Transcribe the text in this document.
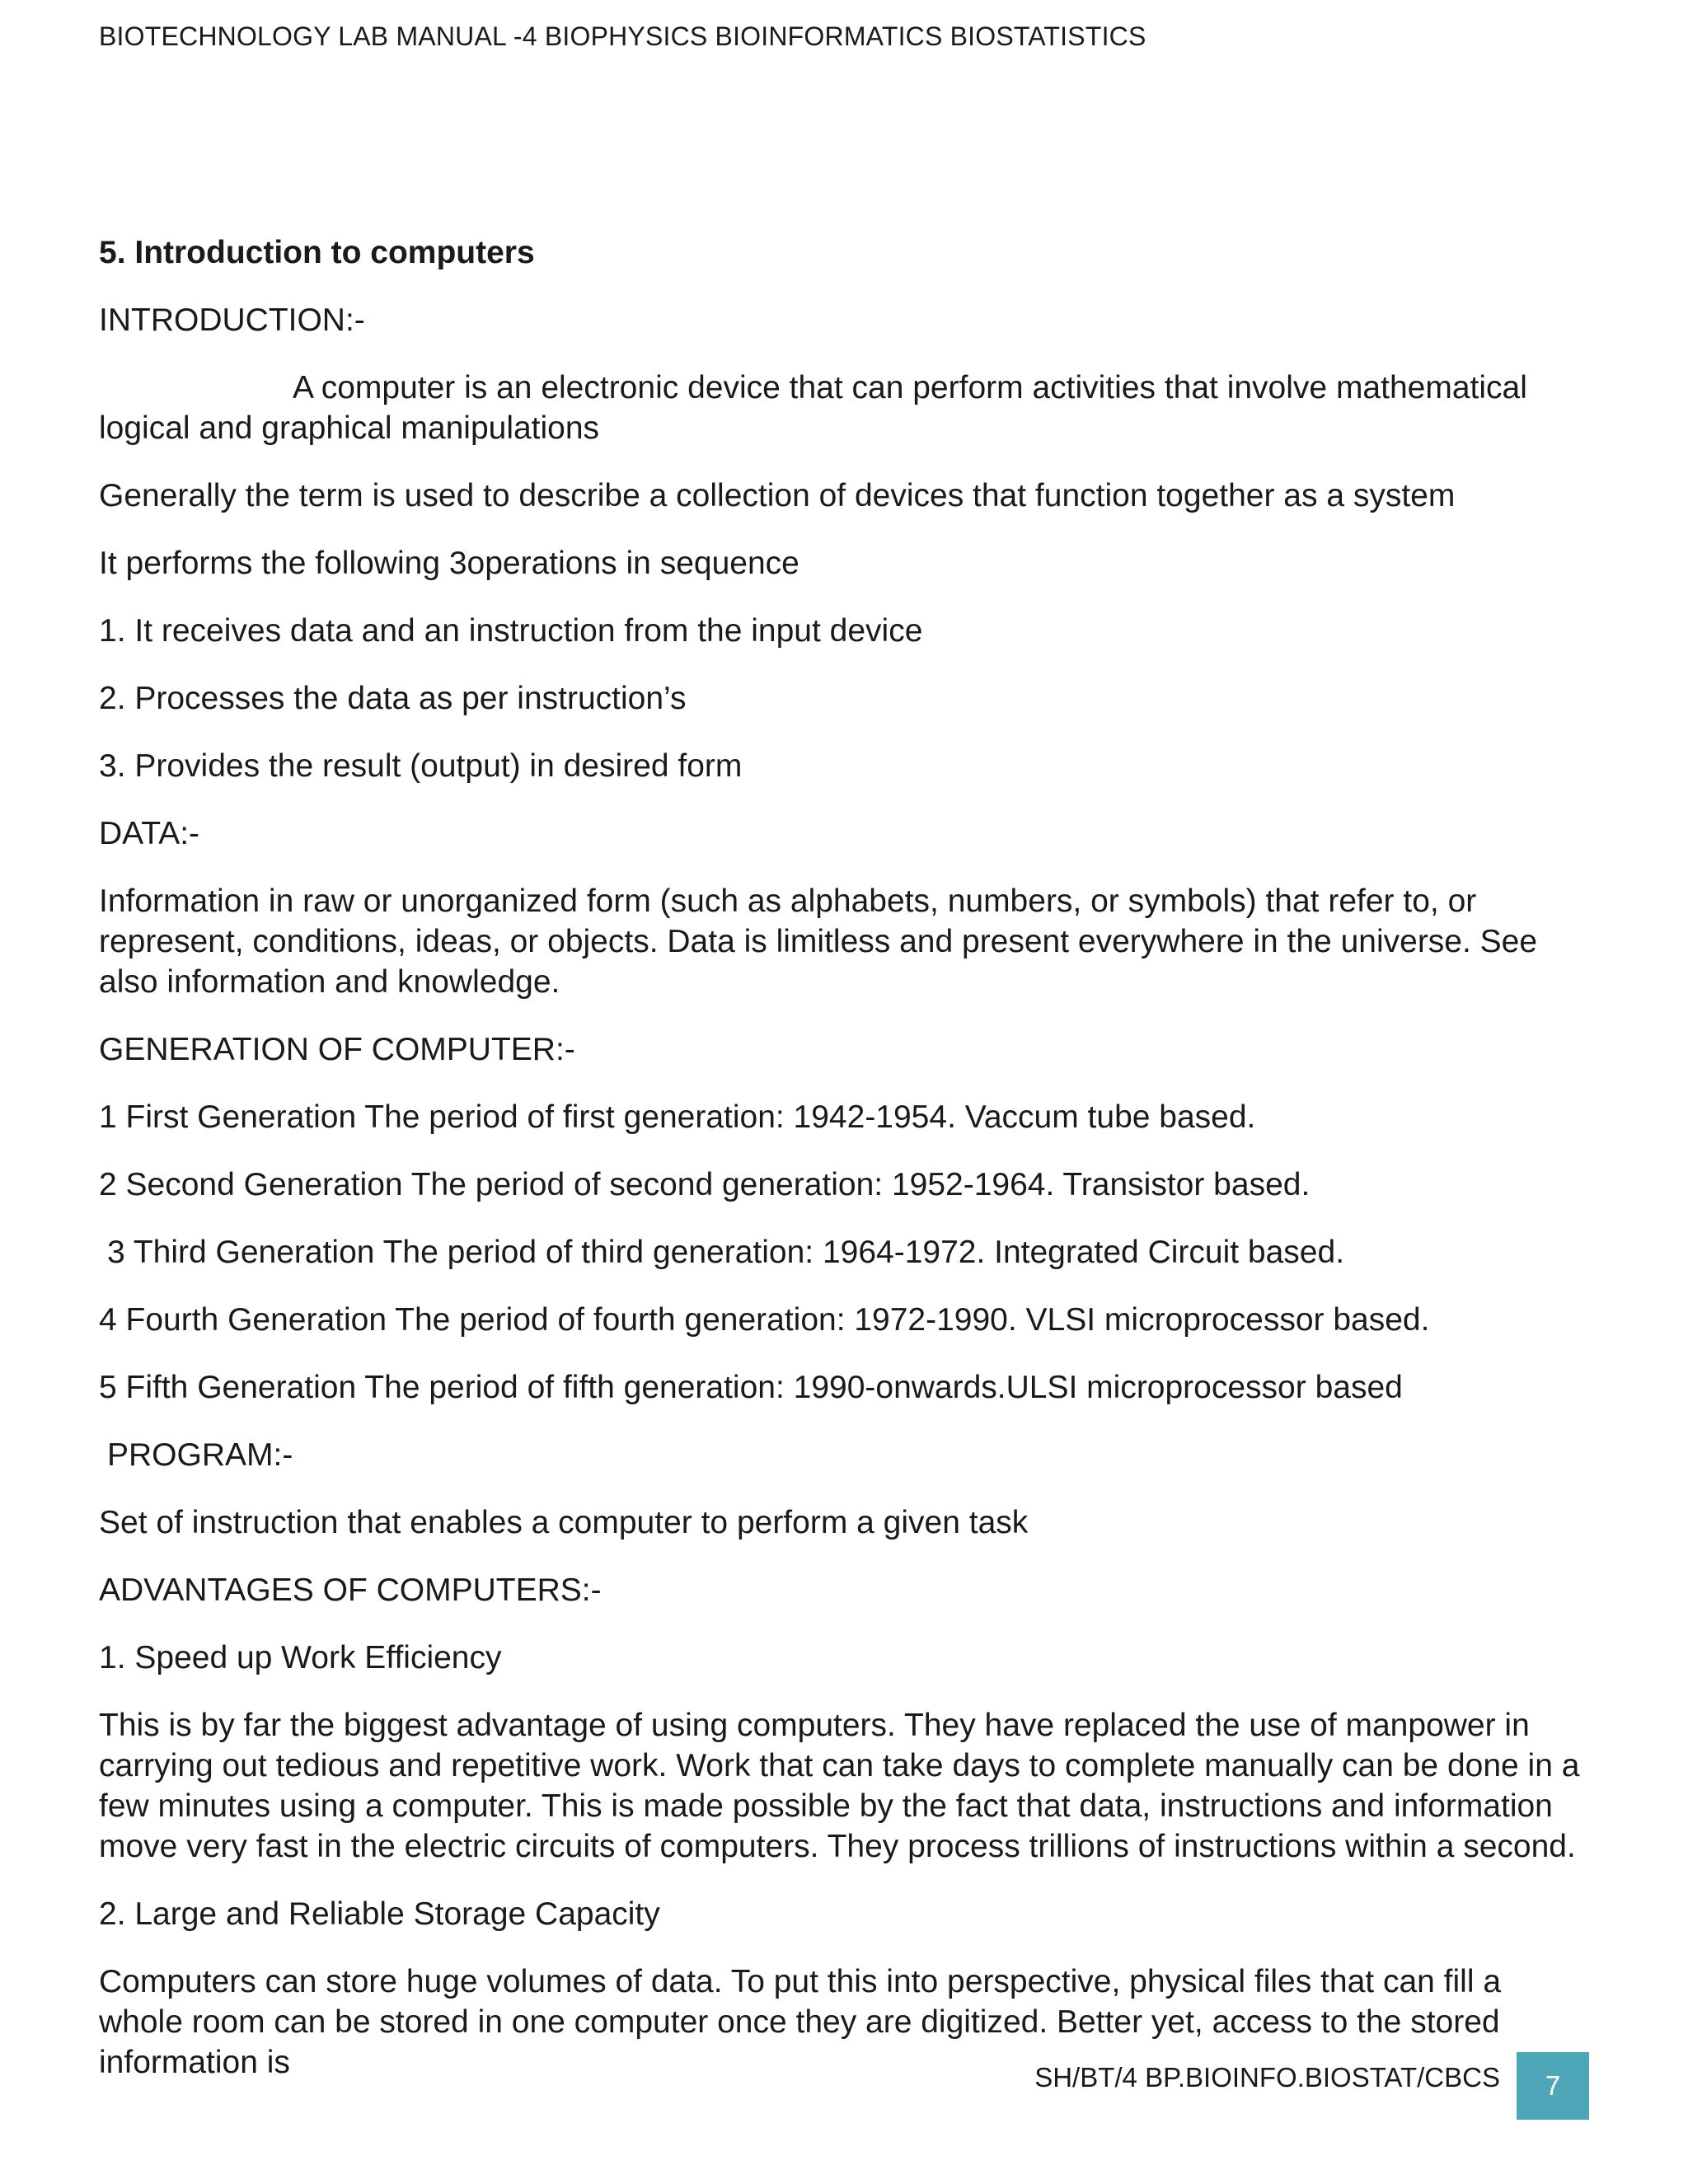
BIOTECHNOLOGY LAB MANUAL -4 BIOPHYSICS BIOINFORMATICS BIOSTATISTICS

5. Introduction to computers

INTRODUCTION:-

A computer is an electronic device that can perform activities that involve mathematical logical and graphical manipulations

Generally the term is used to describe a collection of devices that function together as a system

It performs the following 3operations in sequence

1. It receives data and an instruction from the input device

2. Processes the data as per instruction’s

3. Provides the result (output) in desired form

DATA:-

Information in raw or unorganized form (such as alphabets, numbers, or symbols) that refer to, or represent, conditions, ideas, or objects. Data is limitless and present everywhere in the universe. See also information and knowledge.

GENERATION OF COMPUTER:-

1 First Generation The period of first generation: 1942-1954. Vaccum tube based.

2 Second Generation The period of second generation: 1952-1964. Transistor based.

3 Third Generation The period of third generation: 1964-1972. Integrated Circuit based.

4 Fourth Generation The period of fourth generation: 1972-1990. VLSI microprocessor based.

5 Fifth Generation The period of fifth generation: 1990-onwards.ULSI microprocessor based

PROGRAM:-

Set of instruction that enables a computer to perform a given task

ADVANTAGES OF COMPUTERS:-

1. Speed up Work Efficiency

This is by far the biggest advantage of using computers. They have replaced the use of manpower in carrying out tedious and repetitive work. Work that can take days to complete manually can be done in a few minutes using a computer. This is made possible by the fact that data, instructions and information move very fast in the electric circuits of computers. They process trillions of instructions within a second.

2. Large and Reliable Storage Capacity

Computers can store huge volumes of data. To put this into perspective, physical files that can fill a whole room can be stored in one computer once they are digitized. Better yet, access to the stored information is	SH/BT/4 BP.BIOINFO.BIOSTAT/CBCS	7
